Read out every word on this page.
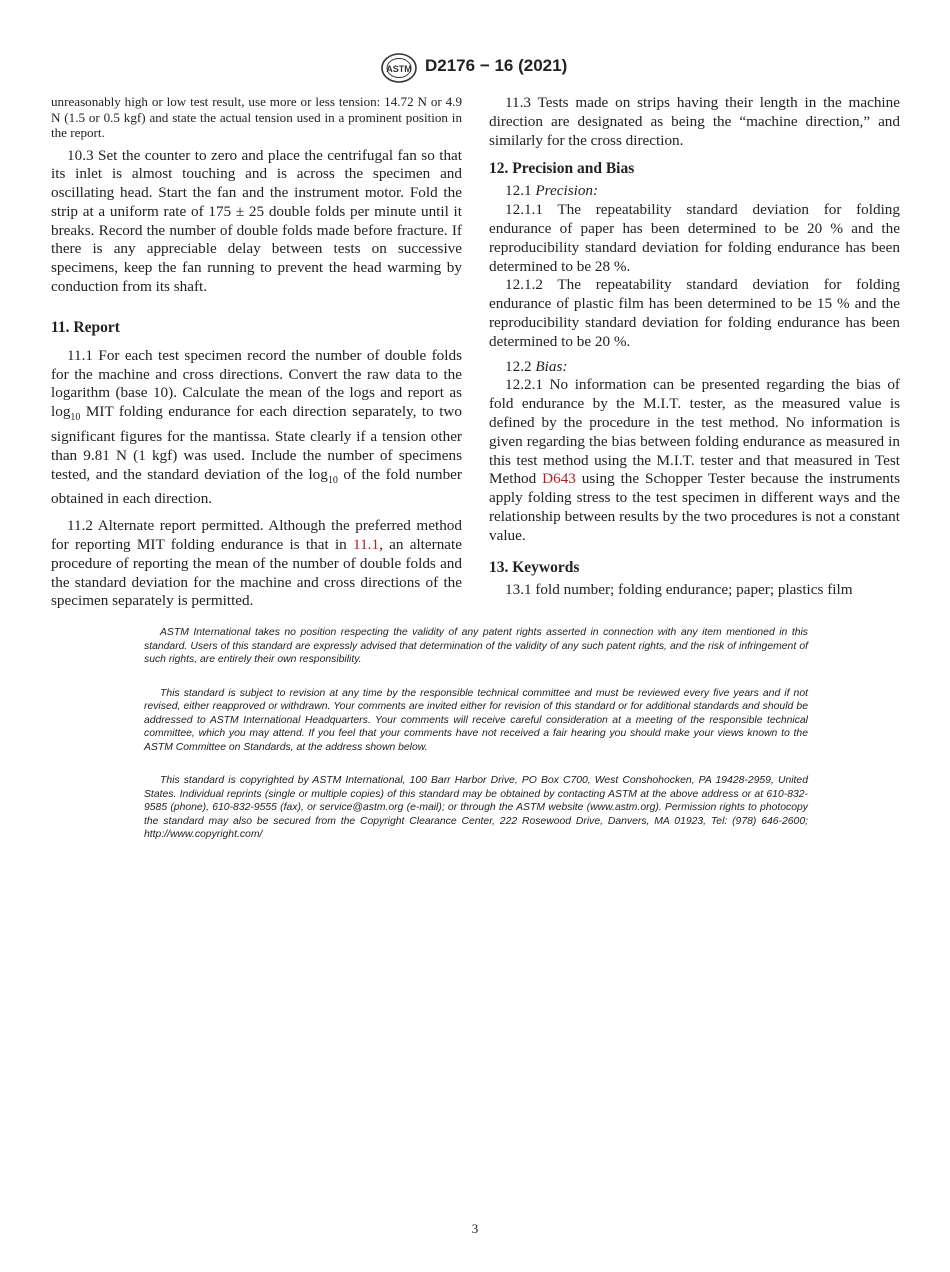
ASTM D2176 − 16 (2021)

unreasonably high or low test result, use more or less tension: 14.72 N or 4.9 N (1.5 or 0.5 kgf) and state the actual tension used in a prominent position in the report.

10.3 Set the counter to zero and place the centrifugal fan so that its inlet is almost touching and is across the specimen and oscillating head. Start the fan and the instrument motor. Fold the strip at a uniform rate of 175 ± 25 double folds per minute until it breaks. Record the number of double folds made before fracture. If there is any appreciable delay between tests on successive specimens, keep the fan running to prevent the head warming by conduction from its shaft.

11. Report

11.1 For each test specimen record the number of double folds for the machine and cross directions. Convert the raw data to the logarithm (base 10). Calculate the mean of the logs and report as $\log_{10}$ MIT folding endurance for each direction separately, to two significant figures for the mantissa. State clearly if a tension other than 9.81 N (1 kgf) was used. Include the number of specimens tested, and the standard deviation of the $\log_{10}$ of the fold number obtained in each direction.

11.2 Alternate report permitted. Although the preferred method for reporting MIT folding endurance is that in 11.1, an alternate procedure of reporting the mean of the number of double folds and the standard deviation for the machine and cross directions of the specimen separately is permitted.

11.3 Tests made on strips having their length in the machine direction are designated as being the “machine direction,” and similarly for the cross direction.

12. Precision and Bias

12.1 Precision:

12.1.1 The repeatability standard deviation for folding endurance of paper has been determined to be 20 % and the reproducibility standard deviation for folding endurance has been determined to be 28 %.

12.1.2 The repeatability standard deviation for folding endurance of plastic film has been determined to be 15 % and the reproducibility standard deviation for folding endurance has been determined to be 20 %.

12.2 Bias:

12.2.1 No information can be presented regarding the bias of fold endurance by the M.I.T. tester, as the measured value is defined by the procedure in the test method. No information is given regarding the bias between folding endurance as measured in this test method using the M.I.T. tester and that measured in Test Method D643 using the Schopper Tester because the instruments apply folding stress to the test specimen in different ways and the relationship between results by the two procedures is not a constant value.

13. Keywords

13.1 fold number; folding endurance; paper; plastics film

ASTM International takes no position respecting the validity of any patent rights asserted in connection with any item mentioned in this standard. Users of this standard are expressly advised that determination of the validity of any such patent rights, and the risk of infringement of such rights, are entirely their own responsibility.

This standard is subject to revision at any time by the responsible technical committee and must be reviewed every five years and if not revised, either reapproved or withdrawn. Your comments are invited either for revision of this standard or for additional standards and should be addressed to ASTM International Headquarters. Your comments will receive careful consideration at a meeting of the responsible technical committee, which you may attend. If you feel that your comments have not received a fair hearing you should make your views known to the ASTM Committee on Standards, at the address shown below.

This standard is copyrighted by ASTM International, 100 Barr Harbor Drive, PO Box C700, West Conshohocken, PA 19428-2959, United States. Individual reprints (single or multiple copies) of this standard may be obtained by contacting ASTM at the above address or at 610-832-9585 (phone), 610-832-9555 (fax), or service@astm.org (e-mail); or through the ASTM website (www.astm.org). Permission rights to photocopy the standard may also be secured from the Copyright Clearance Center, 222 Rosewood Drive, Danvers, MA 01923, Tel: (978) 646-2600; http://www.copyright.com/

3
